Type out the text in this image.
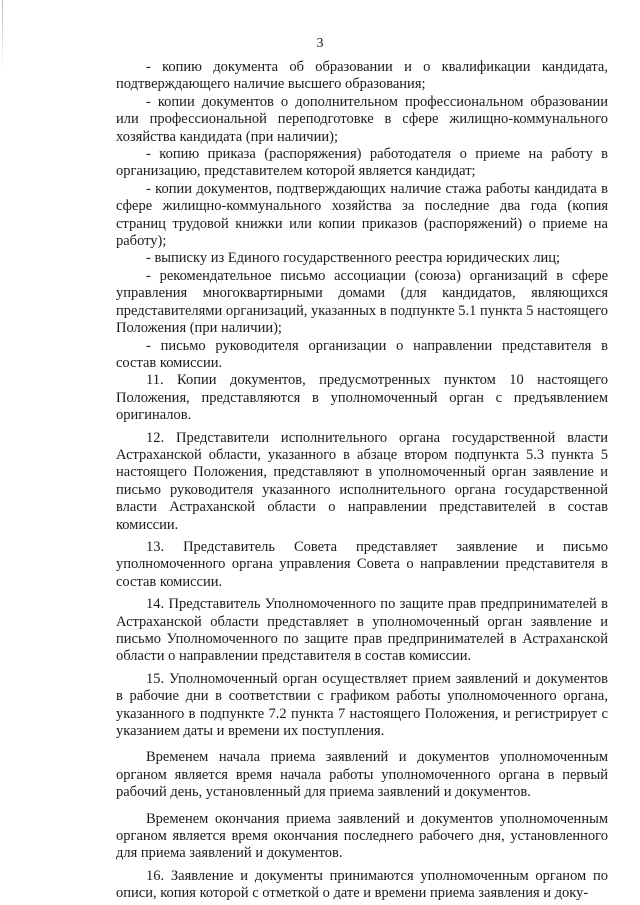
3

- копию документа об образовании и о квалификации кандидата, подтверждающего наличие высшего образования;

- копии документов о дополнительном профессиональном образовании или профессиональной переподготовке в сфере жилищно-коммунального хозяйства кандидата (при наличии);

- копию приказа (распоряжения) работодателя о приеме на работу в организацию, представителем которой является кандидат;

- копии документов, подтверждающих наличие стажа работы кандидата в сфере жилищно-коммунального хозяйства за последние два года (копия страниц трудовой книжки или копии приказов (распоряжений) о приеме на работу);

- выписку из Единого государственного реестра юридических лиц;

- рекомендательное письмо ассоциации (союза) организаций в сфере управления многоквартирными домами (для кандидатов, являющихся представителями организаций, указанных в подпункте 5.1 пункта 5 настоящего Положения (при наличии);

- письмо руководителя организации о направлении представителя в состав комиссии.

11. Копии документов, предусмотренных пунктом 10 настоящего Положения, представляются в уполномоченный орган с предъявлением оригиналов.

12. Представители исполнительного органа государственной власти Астраханской области, указанного в абзаце втором подпункта 5.3 пункта 5 настоящего Положения, представляют в уполномоченный орган заявление и письмо руководителя указанного исполнительного органа государственной власти Астраханской области о направлении представителей в состав комиссии.

13. Представитель Совета представляет заявление и письмо уполномоченного органа управления Совета о направлении представителя в состав комиссии.

14. Представитель Уполномоченного по защите прав предпринимателей в Астраханской области представляет в уполномоченный орган заявление и письмо Уполномоченного по защите прав предпринимателей в Астраханской области о направлении представителя в состав комиссии.

15. Уполномоченный орган осуществляет прием заявлений и документов в рабочие дни в соответствии с графиком работы уполномоченного органа, указанного в подпункте 7.2 пункта 7 настоящего Положения, и регистрирует с указанием даты и времени их поступления.

Временем начала приема заявлений и документов уполномоченным органом является время начала работы уполномоченного органа в первый рабочий день, установленный для приема заявлений и документов.

Временем окончания приема заявлений и документов уполномоченным органом является время окончания последнего рабочего дня, установленного для приема заявлений и документов.

16. Заявление и документы принимаются уполномоченным органом по описи, копия которой с отметкой о дате и времени приема заявления и доку-
